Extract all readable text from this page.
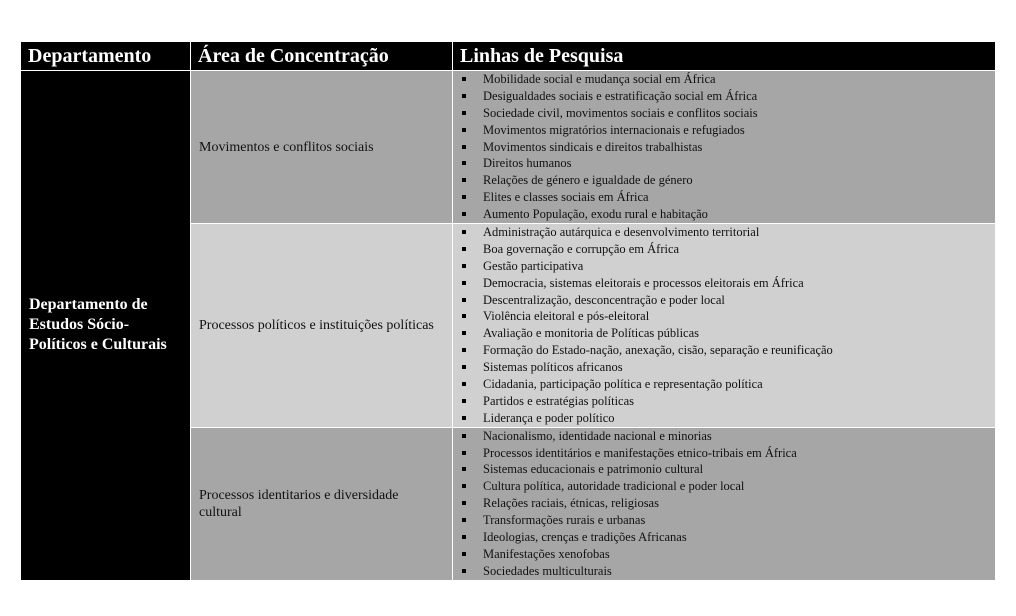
Departamento	Área de Concentração	Linhas de Pesquisa
Departamento de Estudos Sócio-Políticos e Culturais
Movimentos e conflitos sociais
Mobilidade social e mudança social em África
Desigualdades sociais e estratificação social em África
Sociedade civil, movimentos sociais e conflitos sociais
Movimentos migratórios internacionais e refugiados
Movimentos sindicais e direitos trabalhistas
Direitos humanos
Relações de género e igualdade de género
Elites e classes sociais em África
Aumento População, exodu rural e habitação
Processos políticos e instituições políticas
Administração autárquica e desenvolvimento territorial
Boa governação e corrupção em África
Gestão participativa
Democracia, sistemas eleitorais e processos eleitorais em África
Descentralização, desconcentração e poder local
Violência eleitoral e pós-eleitoral
Avaliação e monitoria de Políticas públicas
Formação do Estado-nação, anexação, cisão, separação e reunificação
Sistemas políticos africanos
Cidadania, participação política e representação política
Partidos e estratégias políticas
Liderança e poder político
Processos identitarios e diversidade cultural
Nacionalismo, identidade nacional e minorias
Processos identitários e manifestações etnico-tribais em África
Sistemas educacionais e patrimonio cultural
Cultura política, autoridade tradicional e poder local
Relações raciais, étnicas, religiosas
Transformações rurais e urbanas
Ideologias, crenças e tradições Africanas
Manifestações xenofobas
Sociedades multiculturais
